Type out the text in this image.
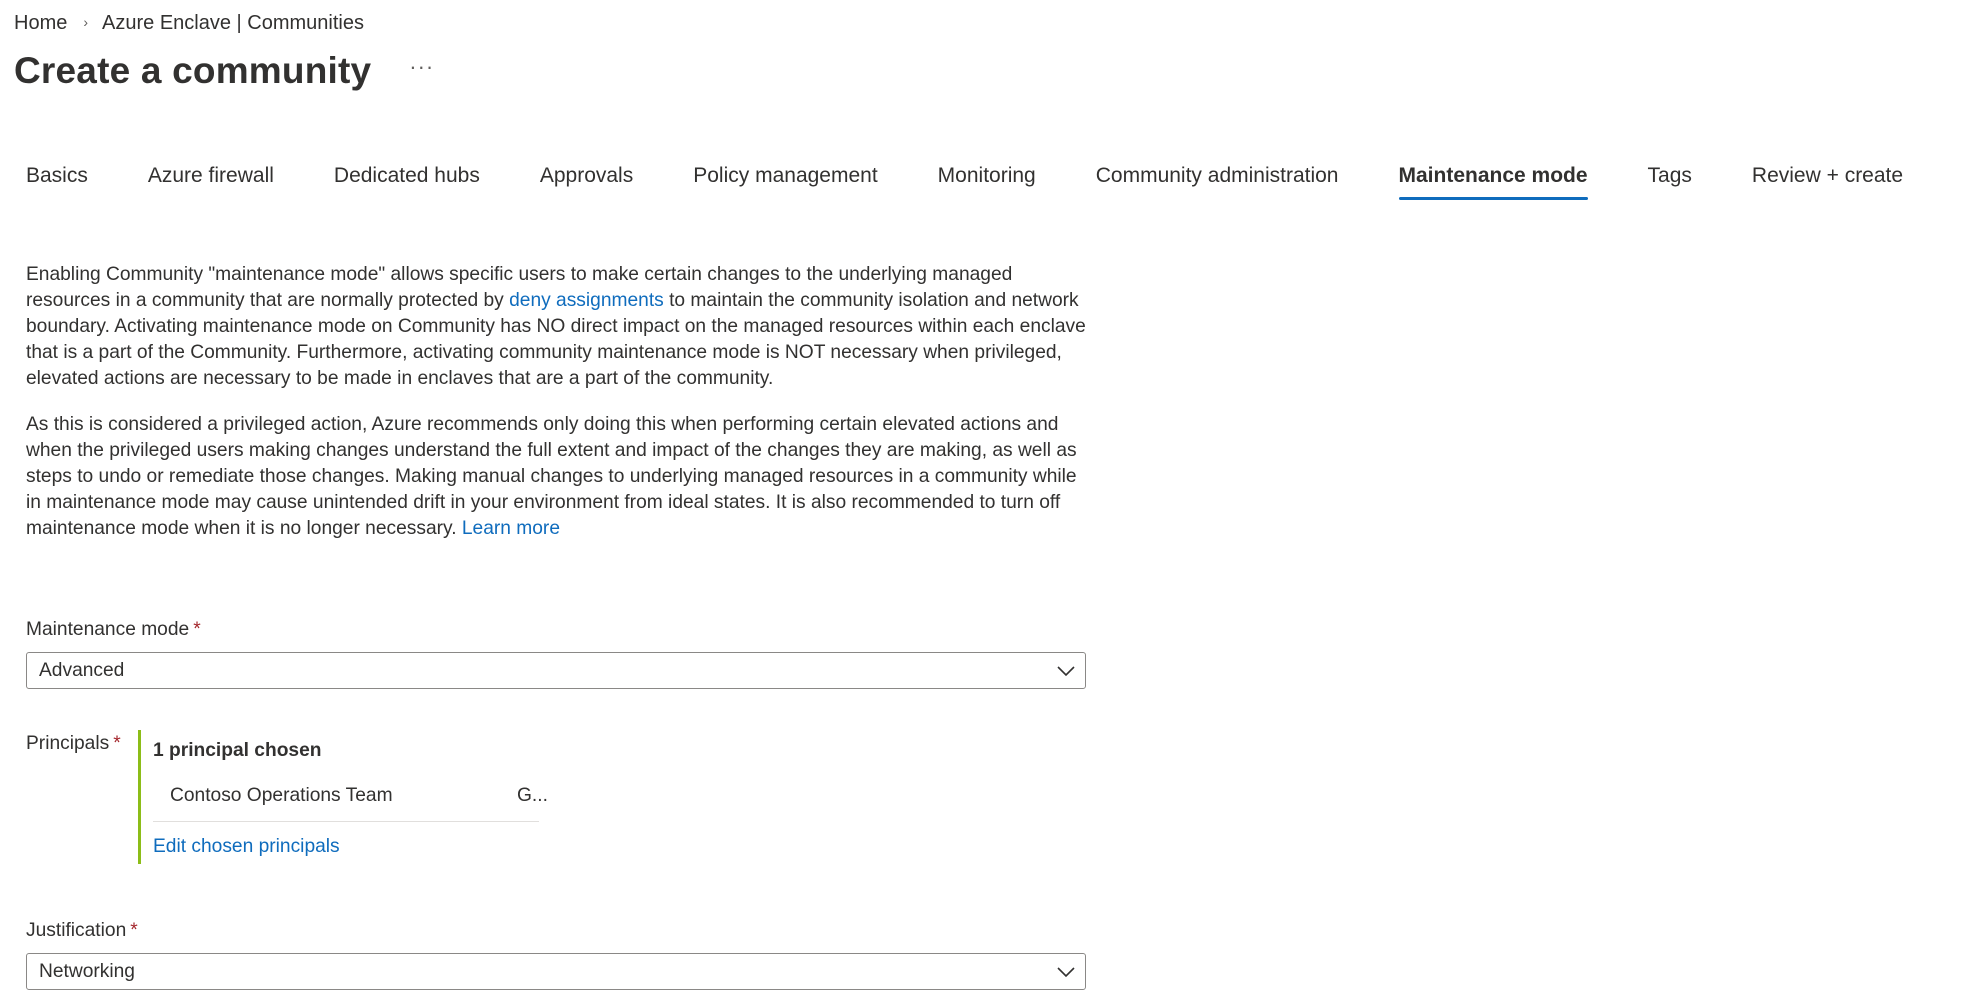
Home › Azure Enclave | Communities
Create a community ···
Basics	Azure firewall	Dedicated hubs	Approvals	Policy management	Monitoring	Community administration	Maintenance mode	Tags	Review + create

Enabling Community "maintenance mode" allows specific users to make certain changes to the underlying managed resources in a community that are normally protected by deny assignments to maintain the community isolation and network boundary. Activating maintenance mode on Community has NO direct impact on the managed resources within each enclave that is a part of the Community. Furthermore, activating community maintenance mode is NOT necessary when privileged, elevated actions are necessary to be made in enclaves that are a part of the community.

As this is considered a privileged action, Azure recommends only doing this when performing certain elevated actions and when the privileged users making changes understand the full extent and impact of the changes they are making, as well as steps to undo or remediate those changes. Making manual changes to underlying managed resources in a community while in maintenance mode may cause unintended drift in your environment from ideal states. It is also recommended to turn off maintenance mode when it is no longer necessary. Learn more

Maintenance mode *
Advanced
Principals * 1 principal chosen
Contoso Operations Team	G...
Edit chosen principals
Justification *
Networking
